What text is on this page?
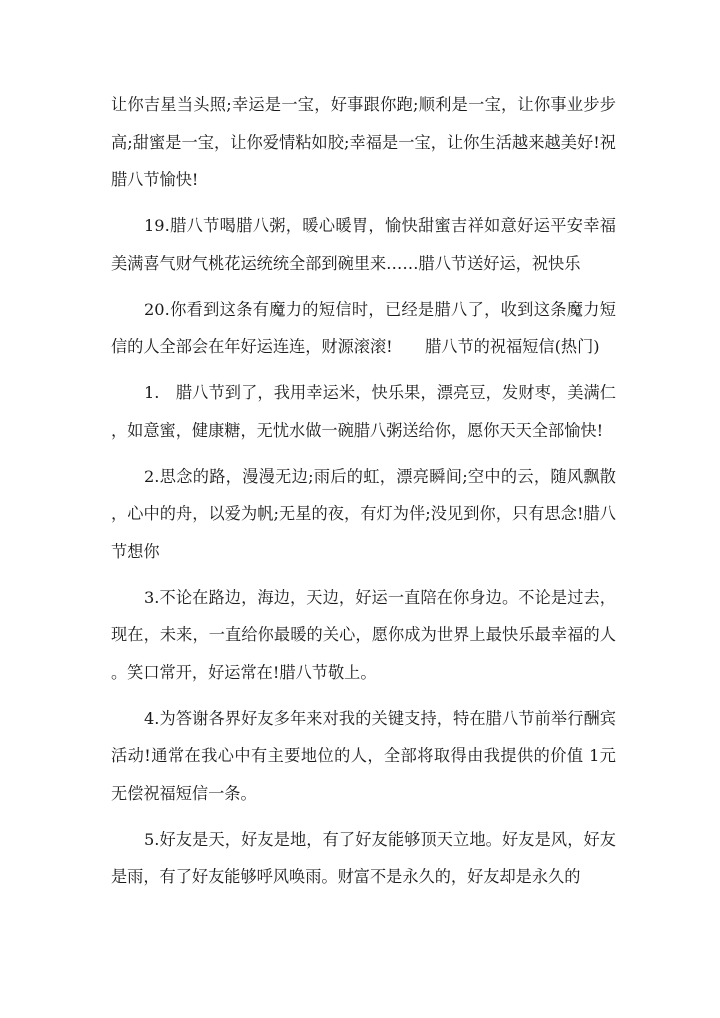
让你吉星当头照;幸运是一宝，好事跟你跑;顺利是一宝，让你事业步步高;甜蜜是一宝，让你爱情粘如胶;幸福是一宝，让你生活越来越美好!祝腊八节愉快!

19.腊八节喝腊八粥，暖心暖胃，愉快甜蜜吉祥如意好运平安幸福美满喜气财气桃花运统统全部到碗里来……腊八节送好运，祝快乐

20.你看到这条有魔力的短信时，已经是腊八了，收到这条魔力短信的人全部会在年好运连连，财源滚滚!　　腊八节的祝福短信(热门)

1.　腊八节到了，我用幸运米，快乐果，漂亮豆，发财枣，美满仁，如意蜜，健康糖，无忧水做一碗腊八粥送给你，愿你天天全部愉快!

2.思念的路，漫漫无边;雨后的虹，漂亮瞬间;空中的云，随风飘散，心中的舟，以爱为帆;无星的夜，有灯为伴;没见到你，只有思念!腊八节想你

3.不论在路边，海边，天边，好运一直陪在你身边。不论是过去，现在，未来，一直给你最暖的关心，愿你成为世界上最快乐最幸福的人。笑口常开，好运常在!腊八节敬上。

4.为答谢各界好友多年来对我的关键支持，特在腊八节前举行酬宾活动!通常在我心中有主要地位的人，全部将取得由我提供的价值 1元无偿祝福短信一条。

5.好友是天，好友是地，有了好友能够顶天立地。好友是风，好友是雨，有了好友能够呼风唤雨。财富不是永久的，好友却是永久的
